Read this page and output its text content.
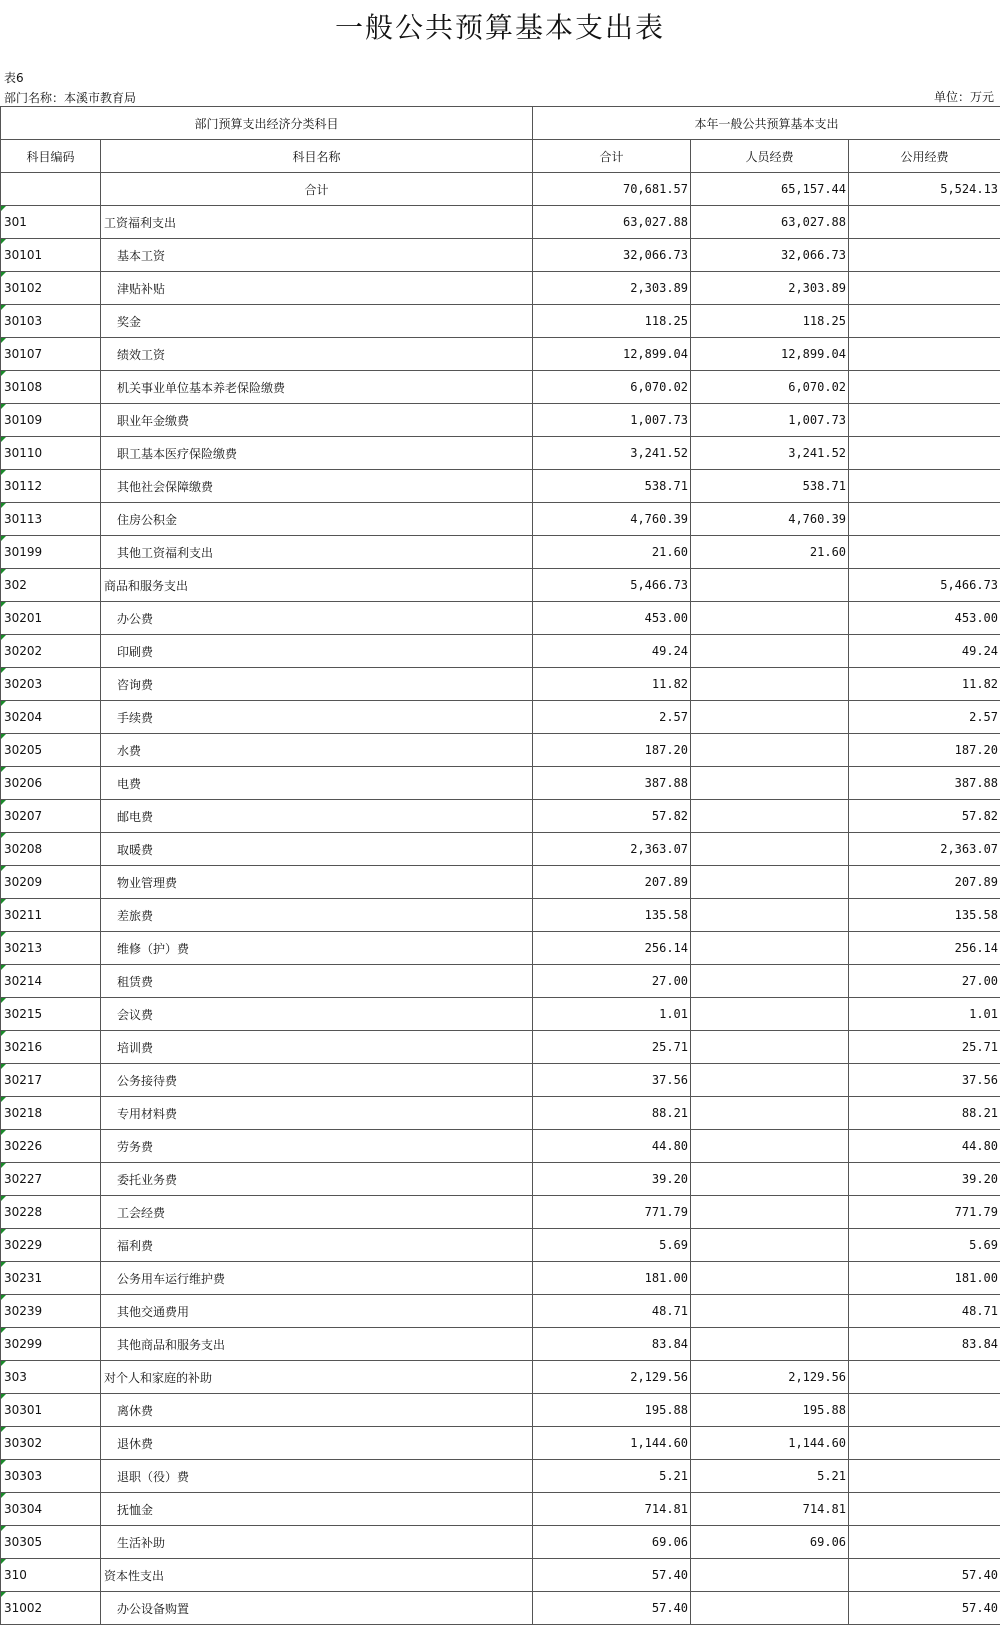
一般公共预算基本支出表
表6
部门名称：本溪市教育局	单位：万元
部门预算支出经济分类科目		本年一般公共预算基本支出		
科目编码	科目名称	合计	人员经费	公用经费
	合计	70,681.57	65,157.44	5,524.13

301	工资福利支出	63,027.88	63,027.88	

30101	基本工资	32,066.73	32,066.73	

30102	津贴补贴	2,303.89	2,303.89	

30103	奖金	118.25	118.25	

30107	绩效工资	12,899.04	12,899.04	

30108	机关事业单位基本养老保险缴费	6,070.02	6,070.02	

30109	职业年金缴费	1,007.73	1,007.73	

30110	职工基本医疗保险缴费	3,241.52	3,241.52	

30112	其他社会保障缴费	538.71	538.71	

30113	住房公积金	4,760.39	4,760.39	

30199	其他工资福利支出	21.60	21.60	

302	商品和服务支出	5,466.73		5,466.73

30201	办公费	453.00		453.00

30202	印刷费	49.24		49.24

30203	咨询费	11.82		11.82

30204	手续费	2.57		2.57

30205	水费	187.20		187.20

30206	电费	387.88		387.88

30207	邮电费	57.82		57.82

30208	取暖费	2,363.07		2,363.07

30209	物业管理费	207.89		207.89

30211	差旅费	135.58		135.58

30213	维修（护）费	256.14		256.14

30214	租赁费	27.00		27.00

30215	会议费	1.01		1.01

30216	培训费	25.71		25.71

30217	公务接待费	37.56		37.56

30218	专用材料费	88.21		88.21

30226	劳务费	44.80		44.80

30227	委托业务费	39.20		39.20

30228	工会经费	771.79		771.79

30229	福利费	5.69		5.69

30231	公务用车运行维护费	181.00		181.00

30239	其他交通费用	48.71		48.71

30299	其他商品和服务支出	83.84		83.84

303	对个人和家庭的补助	2,129.56	2,129.56	

30301	离休费	195.88	195.88	

30302	退休费	1,144.60	1,144.60	

30303	退职（役）费	5.21	5.21	

30304	抚恤金	714.81	714.81	

30305	生活补助	69.06	69.06	

310	资本性支出	57.40		57.40

31002	办公设备购置	57.40		57.40
